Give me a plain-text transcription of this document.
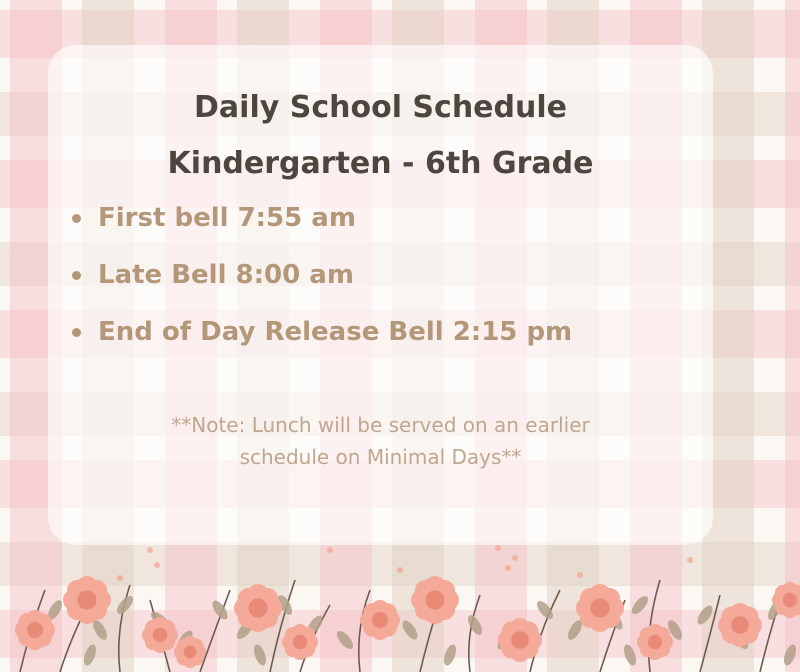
Daily School Schedule
Kindergarten - 6th Grade
First bell 7:55 am
Late Bell 8:00 am
End of Day Release Bell 2:15 pm
**Note: Lunch will be served on an earlier
schedule on Minimal Days**
